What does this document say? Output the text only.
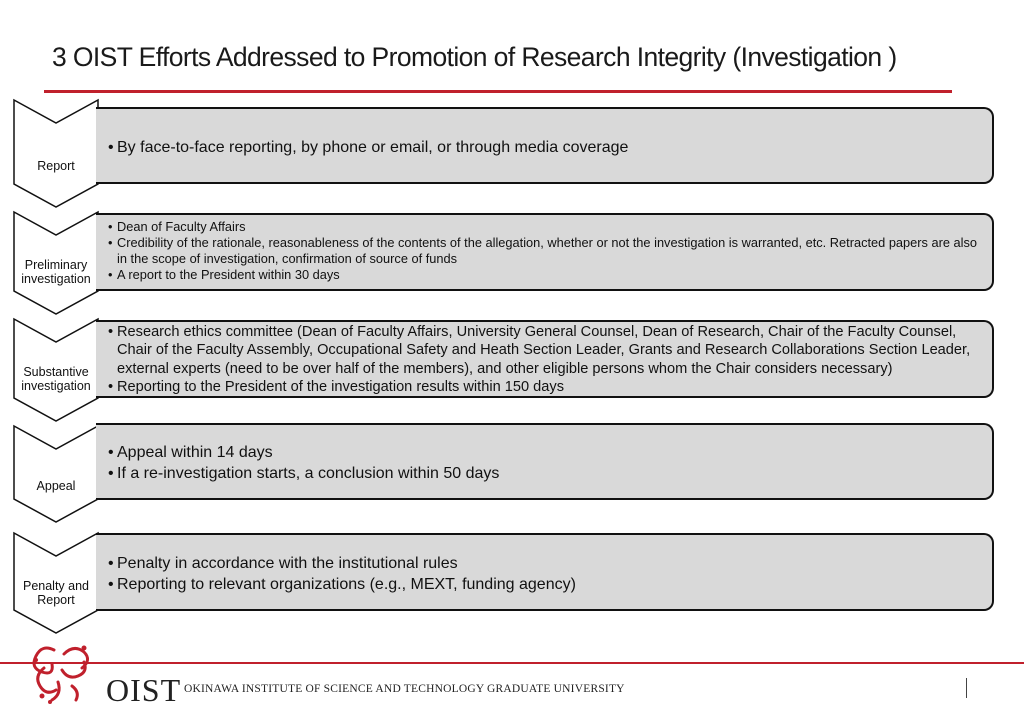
3 OIST Efforts Addressed to Promotion of Research Integrity (Investigation )
Report
• By face-to-face reporting, by phone or email, or through media coverage
Preliminary investigation
• Dean of Faculty Affairs
• Credibility of the rationale, reasonableness of the contents of the allegation, whether or not the investigation is warranted, etc. Retracted papers are also in the scope of investigation, confirmation of source of funds
• A report to the President within 30 days
Substantive investigation
• Research ethics committee (Dean of Faculty Affairs, University General Counsel, Dean of Research, Chair of the Faculty Counsel, Chair of the Faculty Assembly, Occupational Safety and Heath Section Leader, Grants and Research Collaborations Section Leader, external experts (need to be over half of the members), and other eligible persons whom the Chair considers necessary)
• Reporting to the President of the investigation results within 150 days
Appeal
• Appeal within 14 days
• If a re-investigation starts, a conclusion within 50 days
Penalty and Report
• Penalty in accordance with the institutional rules
• Reporting to relevant organizations (e.g., MEXT, funding agency)
OIST OKINAWA INSTITUTE OF SCIENCE AND TECHNOLOGY GRADUATE UNIVERSITY
